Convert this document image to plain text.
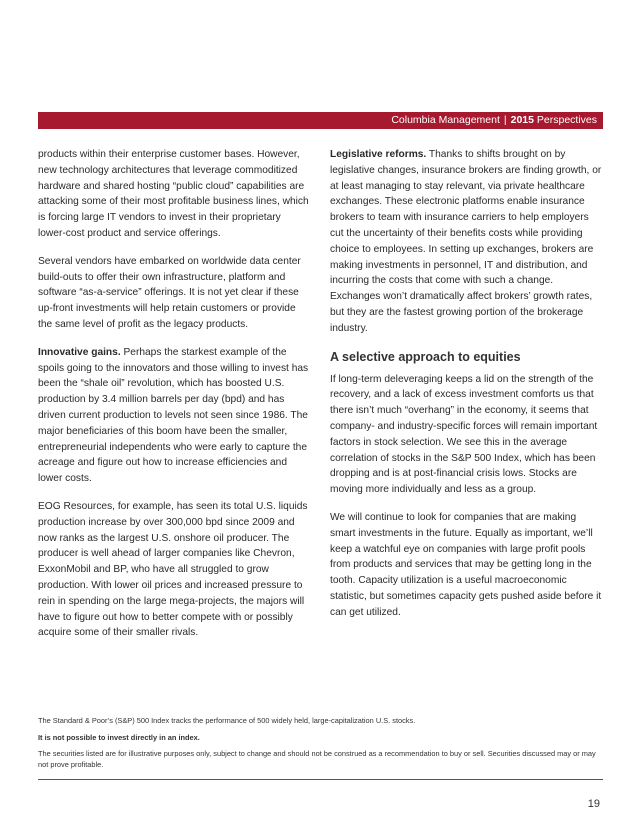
Columbia Management | 2015 Perspectives

products within their enterprise customer bases. However, new technology architectures that leverage commoditized hardware and shared hosting “public cloud” capabilities are attacking some of their most profitable business lines, which is forcing large IT vendors to invest in their proprietary lower-cost product and service offerings.

Several vendors have embarked on worldwide data center build-outs to offer their own infrastructure, platform and software “as-a-service” offerings. It is not yet clear if these up-front investments will help retain customers or provide the same level of profit as the legacy products.

Innovative gains. Perhaps the starkest example of the spoils going to the innovators and those willing to invest has been the “shale oil” revolution, which has boosted U.S. production by 3.4 million barrels per day (bpd) and has driven current production to levels not seen since 1986. The major beneficiaries of this boom have been the smaller, entrepreneurial independents who were early to capture the acreage and figure out how to increase efficiencies and lower costs.

EOG Resources, for example, has seen its total U.S. liquids production increase by over 300,000 bpd since 2009 and now ranks as the largest U.S. onshore oil producer. The producer is well ahead of larger companies like Chevron, ExxonMobil and BP, who have all struggled to grow production. With lower oil prices and increased pressure to rein in spending on the large mega-projects, the majors will have to figure out how to better compete with or possibly acquire some of their smaller rivals.

Legislative reforms. Thanks to shifts brought on by legislative changes, insurance brokers are finding growth, or at least managing to stay relevant, via private healthcare exchanges. These electronic platforms enable insurance brokers to team with insurance carriers to help employers cut the uncertainty of their benefits costs while providing choice to employees. In setting up exchanges, brokers are making investments in personnel, IT and distribution, and incurring the costs that come with such a change. Exchanges won’t dramatically affect brokers’ growth rates, but they are the fastest growing portion of the brokerage industry.

A selective approach to equities

If long-term deleveraging keeps a lid on the strength of the recovery, and a lack of excess investment comforts us that there isn’t much “overhang” in the economy, it seems that company- and industry-specific forces will remain important factors in stock selection. We see this in the average correlation of stocks in the S&P 500 Index, which has been dropping and is at post-financial crisis lows. Stocks are moving more individually and less as a group.

We will continue to look for companies that are making smart investments in the future. Equally as important, we’ll keep a watchful eye on companies with large profit pools from products and services that may be getting long in the tooth. Capacity utilization is a useful macroeconomic statistic, but sometimes capacity gets pushed aside before it can get utilized.

The Standard & Poor’s (S&P) 500 Index tracks the performance of 500 widely held, large-capitalization U.S. stocks.

It is not possible to invest directly in an index.

The securities listed are for illustrative purposes only, subject to change and should not be construed as a recommendation to buy or sell. Securities discussed may or may not prove profitable.

19
